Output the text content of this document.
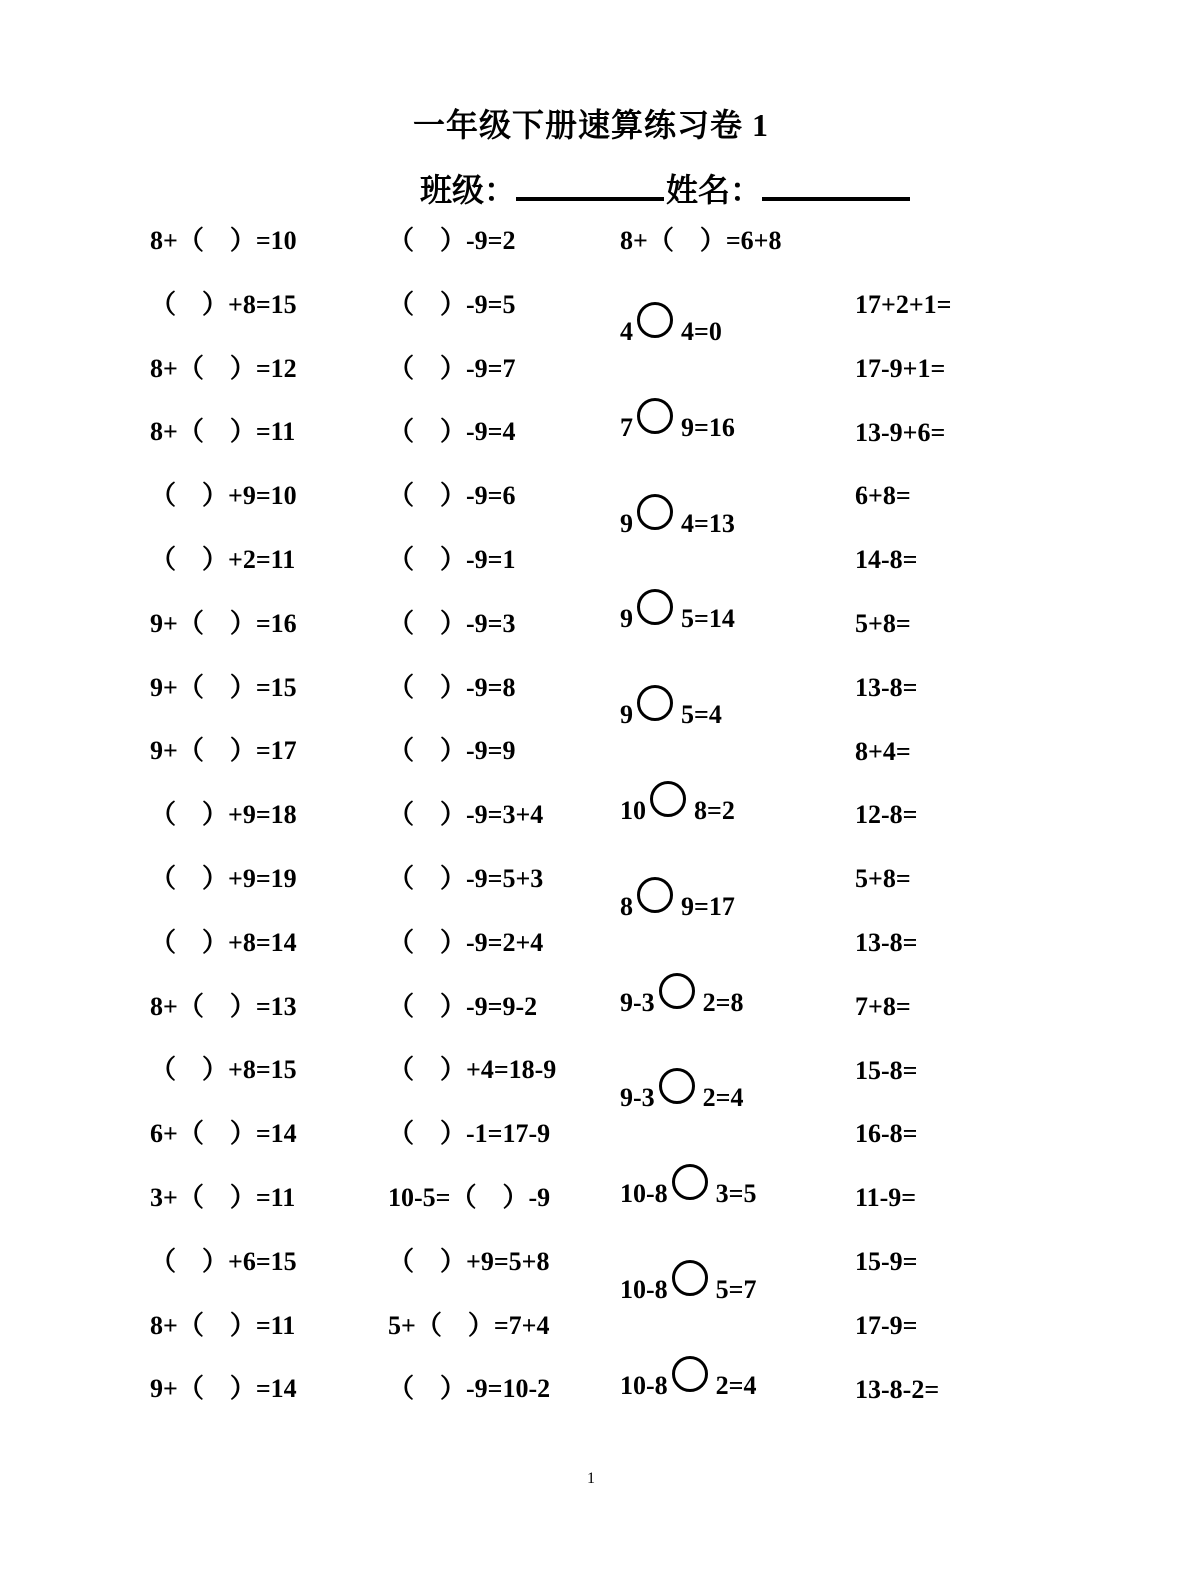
一年级下册速算练习卷 1
班级：	姓名：
8+（　）=10
（　）+8=15
8+（　）=12
8+（　）=11
（　）+9=10
（　）+2=11
9+（　）=16
9+（　）=15
9+（　）=17
（　）+9=18
（　）+9=19
（　）+8=14
8+（　）=13
（　）+8=15
6+（　）=14
3+（　）=11
（　）+6=15
8+（　）=11
9+（　）=14
（　）-9=2
（　）-9=5
（　）-9=7
（　）-9=4
（　）-9=6
（　）-9=1
（　）-9=3
（　）-9=8
（　）-9=9
（　）-9=3+4
（　）-9=5+3
（　）-9=2+4
（　）-9=9-2
（　）+4=18-9
（　）-1=17-9
10-5=（　）-9
（　）+9=5+8
5+（　）=7+4
（　）-9=10-2
8+（　）=6+8
4 4=0
7 9=16
9 4=13
9 5=14
9 5=4
10 8=2
8 9=17
9-3 2=8
9-3 2=4
10-8 3=5
10-8 5=7
10-8 2=4
17+2+1=
17-9+1=
13-9+6=
6+8=
14-8=
5+8=
13-8=
8+4=
12-8=
5+8=
13-8=
7+8=
15-8=
16-8=
11-9=
15-9=
17-9=
13-8-2=
1
